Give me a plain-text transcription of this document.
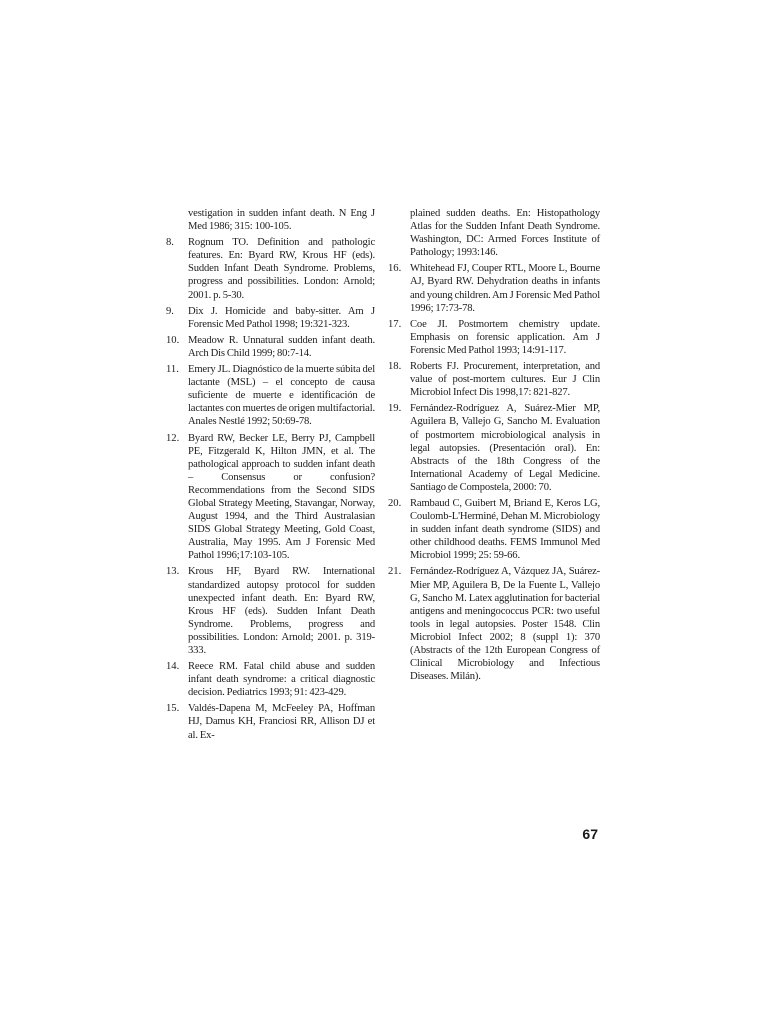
vestigation in sudden infant death. N Eng J Med 1986; 315: 100-105.
8.	Rognum TO. Definition and pathologic features. En: Byard RW, Krous HF (eds). Sudden Infant Death Syndrome. Problems, progress and possibilities. London: Arnold; 2001. p. 5-30.
9.	Dix J. Homicide and baby-sitter. Am J Forensic Med Pathol 1998; 19:321-323.
10. Meadow R. Unnatural sudden infant death. Arch Dis Child 1999; 80:7-14.
11. Emery JL. Diagnóstico de la muerte súbita del lactante (MSL) – el concepto de causa suficiente de muerte e identificación de lactantes con muertes de origen multifactorial. Anales Nestlé 1992; 50:69-78.
12. Byard RW, Becker LE, Berry PJ, Campbell PE, Fitzgerald K, Hilton JMN, et al. The pathological approach to sudden infant death – Consensus or confusion? Recommendations from the Second SIDS Global Strategy Meeting, Stavangar, Norway, August 1994, and the Third Australasian SIDS Global Strategy Meeting, Gold Coast, Australia, May 1995. Am J Forensic Med Pathol 1996;17:103-105.
13. Krous HF, Byard RW. International standardized autopsy protocol for sudden unexpected infant death. En: Byard RW, Krous HF (eds). Sudden Infant Death Syndrome. Problems, progress and possibilities. London: Arnold; 2001. p. 319-333.
14. Reece RM. Fatal child abuse and sudden infant death syndrome: a critical diagnostic decision. Pediatrics 1993; 91: 423-429.
15. Valdés-Dapena M, McFeeley PA, Hoffman HJ, Damus KH, Franciosi RR, Allison DJ et al. Ex-
plained sudden deaths. En: Histopathology Atlas for the Sudden Infant Death Syndrome. Washington, DC: Armed Forces Institute of Pathology; 1993:146.
16. Whitehead FJ, Couper RTL, Moore L, Bourne AJ, Byard RW. Dehydration deaths in infants and young children. Am J Forensic Med Pathol 1996; 17:73-78.
17. Coe JI. Postmortem chemistry update. Emphasis on forensic application. Am J Forensic Med Pathol 1993; 14:91-117.
18. Roberts FJ. Procurement, interpretation, and value of post-mortem cultures. Eur J Clin Microbiol Infect Dis 1998,17: 821-827.
19. Fernández-Rodríguez A, Suárez-Mier MP, Aguilera B, Vallejo G, Sancho M. Evaluation of postmortem microbiological analysis in legal autopsies. (Presentación oral). En: Abstracts of the 18th Congress of the International Academy of Legal Medicine. Santiago de Compostela, 2000: 70.
20. Rambaud C, Guibert M, Briand E, Keros LG, Coulomb-L'Herminé, Dehan M. Microbiology in sudden infant death syndrome (SIDS) and other childhood deaths. FEMS Immunol Med Microbiol 1999; 25: 59-66.
21. Fernández-Rodríguez A, Vázquez JA, Suárez-Mier MP, Aguilera B, De la Fuente L, Vallejo G, Sancho M. Latex agglutination for bacterial antigens and meningococcus PCR: two useful tools in legal autopsies. Poster 1548. Clin Microbiol Infect 2002; 8 (suppl 1): 370 (Abstracts of the 12th European Congress of Clinical Microbiology and Infectious Diseases. Milán).
67
